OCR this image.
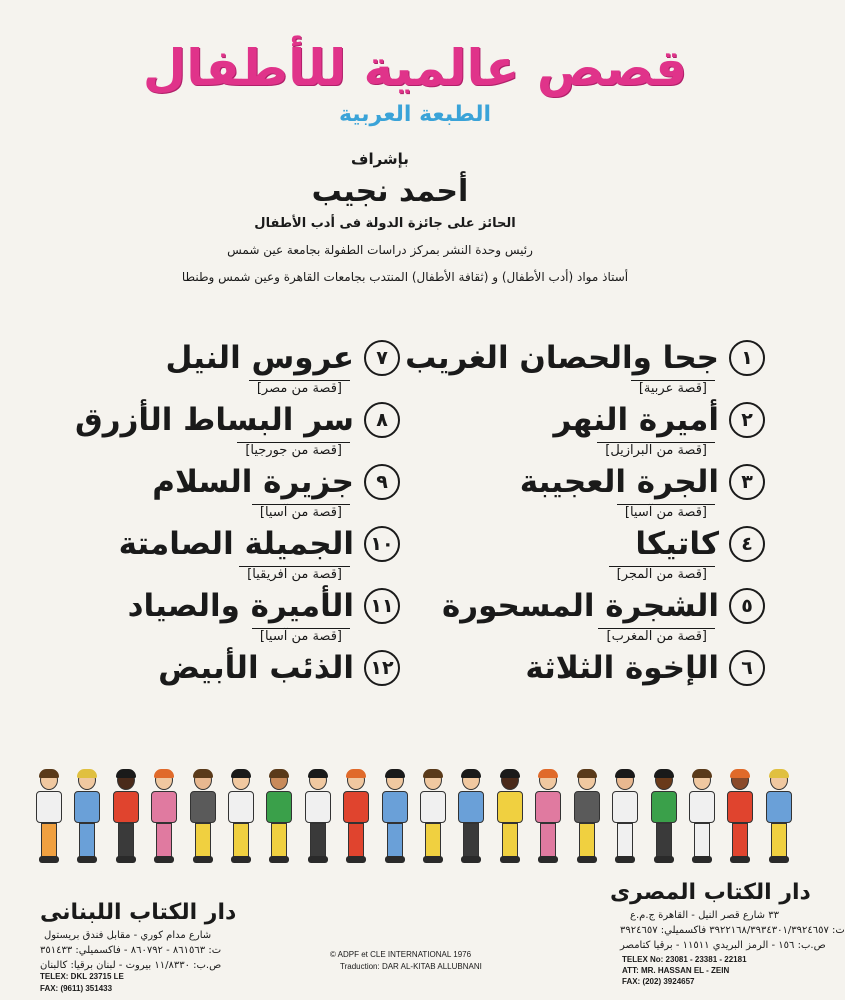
قصص عالمية للأطفال
الطبعة العربية
بإشراف
أحمد نجيب
الحائز على جائزة الدولة فى أدب الأطفال
رئيس وحدة النشر بمركز دراسات الطفولة بجامعة عين شمس
أستاذ مواد (أدب الأطفال) و (ثقافة الأطفال) المنتدب بجامعات القاهرة وعين شمس وطنطا
١
جحا والحصان الغريب
[ قصة عربية ]
٢
أميرة النهر
[ قصة من البرازيل ]
٣
الجرة العجيبة
[ قصة من آسيا ]
٤
كاتيكا
[ قصة من المجر ]
٥
الشجرة المسحورة
[ قصة من المغرب ]
٦
الإخوة الثلاثة
٧
عروس النيل
[ قصة من مصر ]
٨
سر البساط الأزرق
[ قصة من جورجيا ]
٩
جزيرة السلام
[ قصة من آسيا ]
١٠
الجميلة الصامتة
[ قصة من افريقيا ]
١١
الأميرة والصياد
[ قصة من آسيا ]
١٢
الذئب الأبيض
دار الكتاب المصرى
٣٣ شارع قصر النيل - القاهرة ج.م.ع
ت: ٣٩٢٢١٦٨/٣٩٣٤٣٠١/٣٩٢٤٦٥٧ فاكسميلي: ٣٩٢٤٦٥٧
ص.ب: ١٥٦ - الرمز البريدي ١١٥١١ - برقيا كتامصر
TELEX No: 23081 - 23381 - 22181
ATT: MR. HASSAN EL - ZEIN
FAX: (202) 3924657
دار الكتاب اللبنانى
شارع مدام كوري - مقابل فندق بريستول
ت: ٨٦١٥٦٣ - ٨٦٠٧٩٢ - فاكسميلي: ٣٥١٤٣٣
ص.ب: ١١/٨٣٣٠ بيروت - لبنان برقيا: كالبنان
TELEX: DKL 23715 LE
FAX: (9611) 351433
© ADPF et CLE INTERNATIONAL 1976
Traduction: DAR AL-KITAB ALLUBNANI
